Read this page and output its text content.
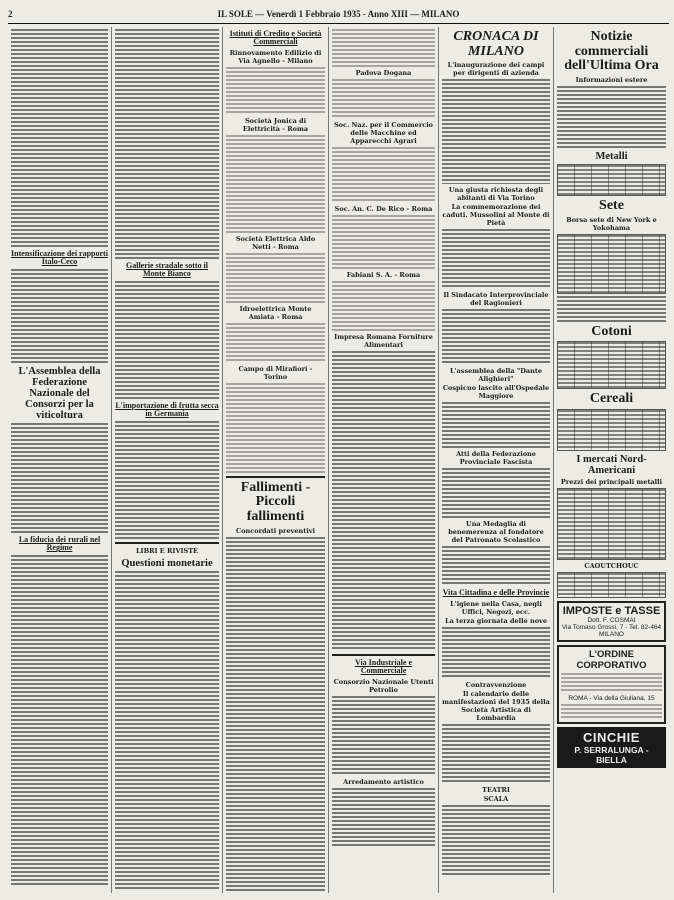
2	IL SOLE — Venerdì 1 Febbraio 1935 - Anno XIII — MILANO
Intensificazione dei rapporti Italo-Ceco
L'Assemblea della Federazione Nazionale del Consorzi per la viticoltura
La fiducia dei rurali nel Regime
Gallerie stradale sotto il Monte Bianco
L'importazione di frutta secca in Germania
LIBRI E RIVISTE
Questioni monetarie
Istituti di Credito e Società Commerciali
Rinnovamento Edilizio di Via Agnello - Milano
Società Jonica di Elettricità - Roma
Società Elettrica Aldo Netti - Roma
Idroelettrica Monte Amiata - Roma
Campo di Mirafiori - Torino
Fallimenti - Piccoli fallimenti
Concordati preventivi
Padova Dogana
Soc. Naz. per il Commercio delle Macchine ed Apparecchi Agrari
Soc. An. C. De Rico - Roma
Fabiani S. A. - Roma
Impresa Romana Forniture Alimentari
Via Industriale e Commerciale
Consorzio Nazionale Utenti Petrolio
Arredamento artistico
CRONACA DI MILANO
L'inaugurazione dei campi per dirigenti di azienda
Una giusta richiesta degli abitanti di Via Torino
La commemorazione dei caduti. Mussolini al Monte di Pietà
Il Sindacato Interprovinciale del Ragionieri
L'assemblea della "Dante Alighieri"
Cospicuo lascito all'Ospedale Maggiore
Atti della Federazione Provinciale Fascista
Una Medaglia di benemerenza al fondatore del Patronato Scolastico
Vita Cittadina e delle Provincie
L'igiene nella Casa, negli Uffici, Negozi, ecc.
La terza giornata delle nove
Contravvenzione
Il calendario delle manifestazioni del 1935 della Società Artistica di Lombardia
TEATRI
SCALA
Notizie commerciali dell'Ultima Ora
Informazioni estere
Metalli
Sete
Borsa sete di New York e Yokohama
Cotoni
Cereali
I mercati Nord-Americani
Prezzi dei principali metalli
CAOUTCHOUC
IMPOSTE e TASSE
Dott. F. COSMAI
Via Tomaso Grossi, 7 - Tel. 82-464
MILANO
L'ORDINE CORPORATIVO
ROMA - Via della Giuliana, 15
CINCHIE
P. SERRALUNGA - BIELLA
